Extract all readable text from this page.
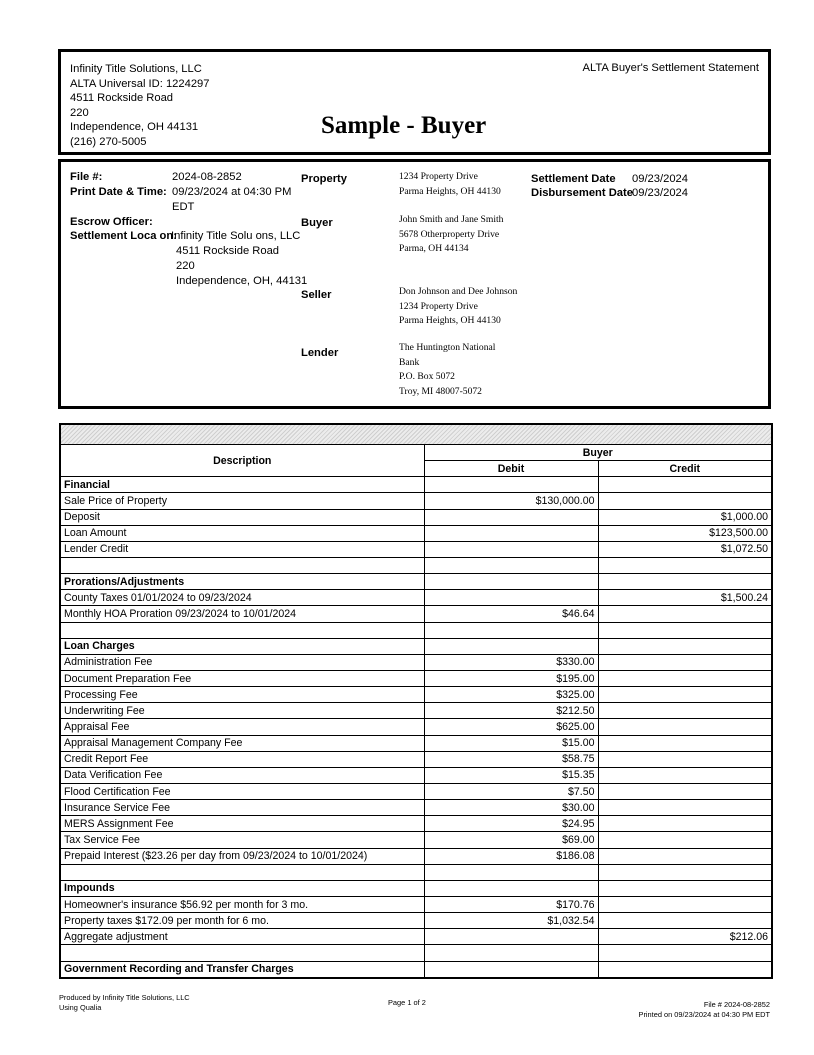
Infinity Title Solutions, LLC
ALTA Universal ID: 1224297
4511 Rockside Road
220
Independence, OH 44131
(216) 270-5005
ALTA Buyer's Settlement Statement
Sample - Buyer
File #:	2024-08-2852
Print Date & Time: 09/23/2024 at 04:30 PM
EDT
Escrow Officer:
Settlement Loca on:
Infinity Title Solu ons, LLC
4511 Rockside Road
220
Independence, OH, 44131
Property	1234 Property Drive
Parma Heights, OH 44130
Buyer	John Smith and Jane Smith
5678 Otherproperty Drive
Parma, OH 44134
Seller	Don Johnson and Dee Johnson
1234 Property Drive
Parma Heights, OH 44130
Lender	The Huntington National
Bank
P.O. Box 5072
Troy, MI 48007-5072
Settlement Date 09/23/2024
Disbursement Date 09/23/2024

Description	Buyer	
	Debit	Credit
Financial		
Sale Price of Property	$130,000.00	
Deposit		$1,000.00
Loan Amount		$123,500.00
Lender Credit		$1,072.50

Prorations/Adjustments		
County Taxes 01/01/2024 to 09/23/2024		$1,500.24
Monthly HOA Proration 09/23/2024 to 10/01/2024	$46.64	

Loan Charges		
Administration Fee	$330.00	
Document Preparation Fee	$195.00	
Processing Fee	$325.00	
Underwriting Fee	$212.50	
Appraisal Fee	$625.00	
Appraisal Management Company Fee	$15.00	
Credit Report Fee	$58.75	
Data Verification Fee	$15.35	
Flood Certification Fee	$7.50	
Insurance Service Fee	$30.00	
MERS Assignment Fee	$24.95	
Tax Service Fee	$69.00	
Prepaid Interest ($23.26 per day from 09/23/2024 to 10/01/2024)	$186.08	

Impounds		
Homeowner's insurance $56.92 per month for 3 mo.	$170.76	
Property taxes $172.09 per month for 6 mo.	$1,032.54	
Aggregate adjustment		$212.06

Government Recording and Transfer Charges		
Produced by Infinity Title Solutions, LLC
Using Qualia	Page 1 of 2	File # 2024-08-2852
Printed on 09/23/2024 at 04:30 PM EDT
